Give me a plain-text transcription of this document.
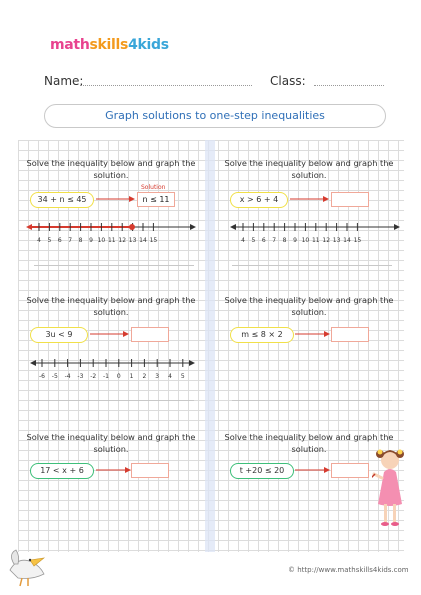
mathskills4kids
Name:	Class:
Graph solutions to one-step inequalities
Solve the inequality below and graph the solution.
Solution
34 + n ≤ 45	n ≤ 11
4 5 6 7 8 9 10 11 12 13 14 15
Solve the inequality below and graph the solution.
x > 6 + 4
4 5 6 7 8 9 10 11 12 13 14 15
Solve the inequality below and graph the solution.
3u < 9
-6 -5 -4 -3 -2 -1 0 1 2 3 4 5
Solve the inequality below and graph the solution.
m ≤ 8 × 2
Solve the inequality below and graph the solution.
17 < x + 6
Solve the inequality below and graph the solution.
t +20 ≤ 20
© http://www.mathskills4kids.com
